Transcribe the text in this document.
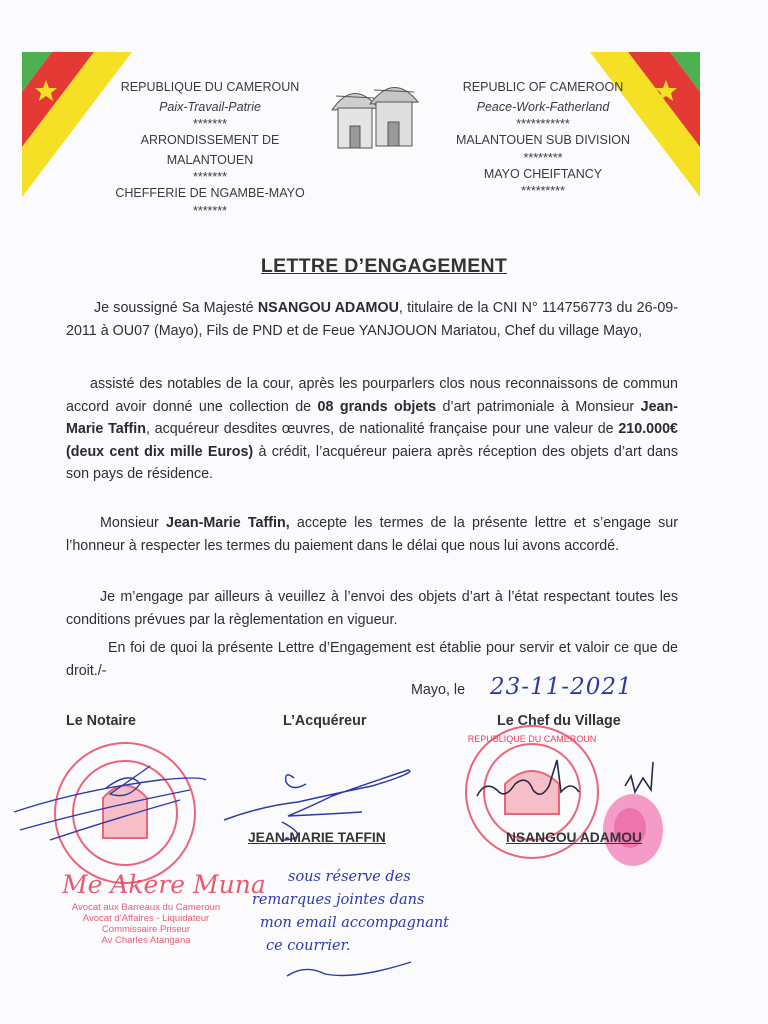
REPUBLIQUE DU CAMEROUN
Paix-Travail-Patrie
*******
ARRONDISSEMENT DE
MALANTOUEN
*******
CHEFFERIE DE NGAMBE-MAYO
*******
REPUBLIC OF CAMEROON
Peace-Work-Fatherland
***********
MALANTOUEN SUB DIVISION
********
MAYO CHEIFTANCY
*********
LETTRE D’ENGAGEMENT
Je soussigné Sa Majesté NSANGOU ADAMOU, titulaire de la CNI N° 114756773 du 26-09-2011 à OU07 (Mayo), Fils de PND et de Feue YANJOUON Mariatou, Chef du village Mayo,
assisté des notables de la cour, après les pourparlers clos nous reconnaissons de commun accord avoir donné une collection de 08 grands objets d’art patrimoniale à Monsieur Jean-Marie Taffin, acquéreur desdites œuvres, de nationalité française pour une valeur de 210.000€ (deux cent dix mille Euros) à crédit, l’acquéreur paiera après réception des objets d’art dans son pays de résidence.
Monsieur Jean-Marie Taffin, accepte les termes de la présente lettre et s’engage sur l’honneur à respecter les termes du paiement dans le délai que nous lui avons accordé.
Je m’engage par ailleurs à veuillez à l’envoi des objets d’art à l’état respectant toutes les conditions prévues par la règlementation en vigueur.
En foi de quoi la présente Lettre d’Engagement est établie pour servir et valoir ce que de droit./-
Mayo, le 23-11-2021
Le Notaire	L’Acquéreur	Le Chef du Village
Me Akere Muna
Avocat aux Barreaux du Cameroun
Avocat d’Affaires - Liquidateur
Commissaire Priseur
Av Charles Atangana
JEAN-MARIE TAFFIN
REPUBLIQUE DU CAMEROUN
NSANGOU ADAMOU
sous réserve des
remarques jointes dans
mon email accompagnant
ce courrier.
